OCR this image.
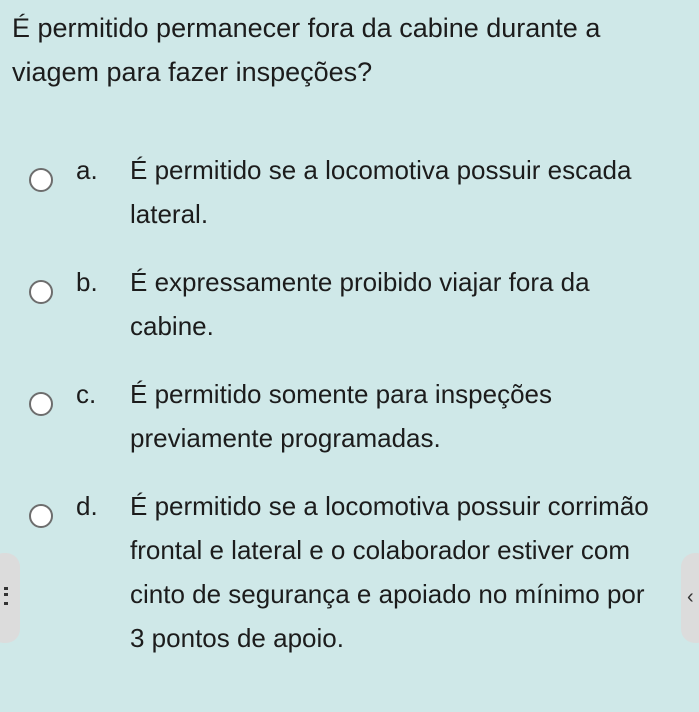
É permitido permanecer fora da cabine durante a viagem para fazer inspeções?
a. É permitido se a locomotiva possuir escada lateral.
b. É expressamente proibido viajar fora da cabine.
c. É permitido somente para inspeções previamente programadas.
d. É permitido se a locomotiva possuir corrimão frontal e lateral e o colaborador estiver com cinto de segurança e apoiado no mínimo por 3 pontos de apoio.
‹
